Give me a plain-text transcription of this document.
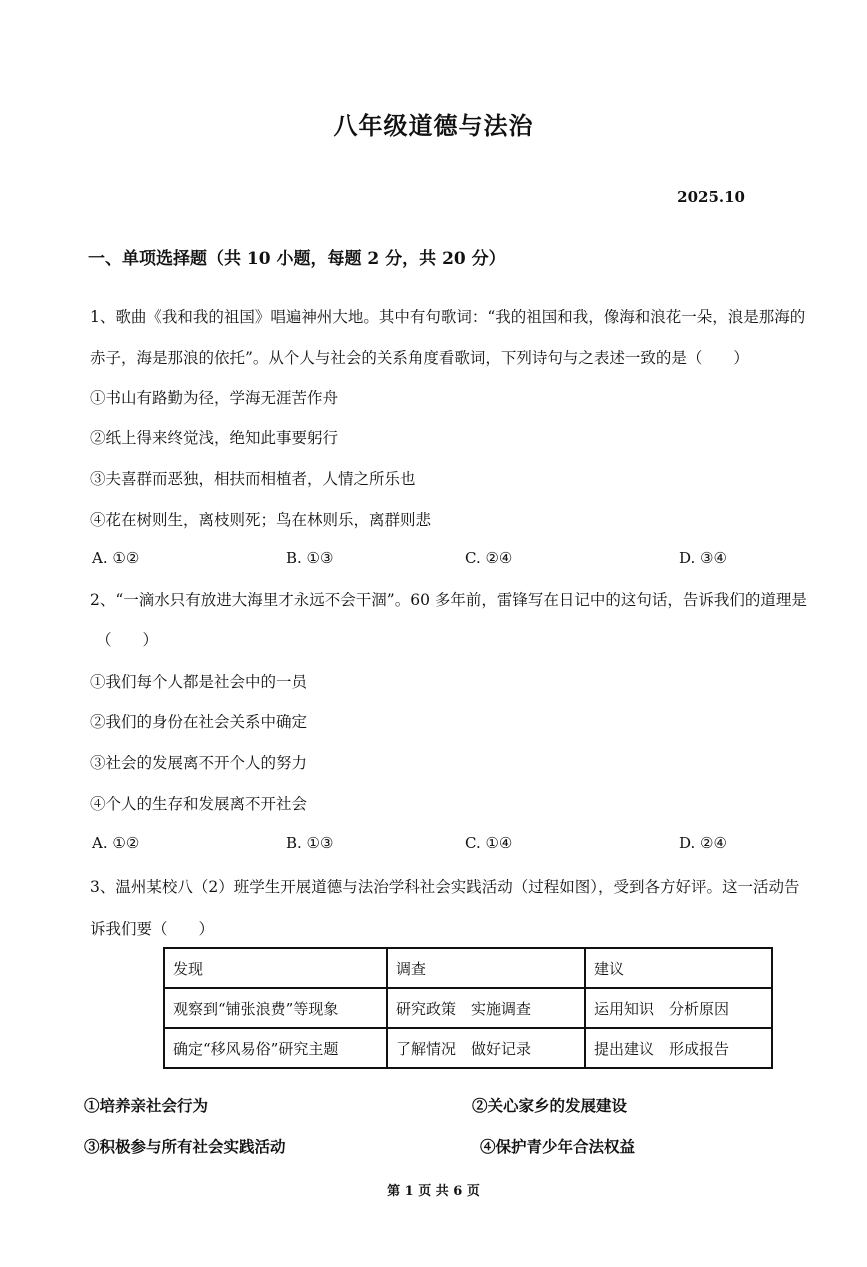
八年级道德与法治
2025.10
一、单项选择题（共 10 小题，每题 2 分，共 20 分）
1、歌曲《我和我的祖国》唱遍神州大地。其中有句歌词：“我的祖国和我，像海和浪花一朵，浪是那海的
赤子，海是那浪的依托”。从个人与社会的关系角度看歌词，下列诗句与之表述一致的是（　　）
①书山有路勤为径，学海无涯苦作舟
②纸上得来终觉浅，绝知此事要躬行
③夫喜群而恶独，相扶而相植者，人情之所乐也
④花在树则生，离枝则死；鸟在林则乐，离群则悲
A. ①②	B. ①③	C. ②④	D. ③④
2、“一滴水只有放进大海里才永远不会干涸”。60 多年前，雷锋写在日记中的这句话，告诉我们的道理是
（　　）
①我们每个人都是社会中的一员
②我们的身份在社会关系中确定
③社会的发展离不开个人的努力
④个人的生存和发展离不开社会
A. ①②	B. ①③	C. ①④	D. ②④
3、温州某校八（2）班学生开展道德与法治学科社会实践活动（过程如图），受到各方好评。这一活动告
诉我们要（　　）
发现	调查	建议
观察到“铺张浪费”等现象	研究政策　实施调查	运用知识　分析原因
确定“移风易俗”研究主题	了解情况　做好记录	提出建议　形成报告
①培养亲社会行为	②关心家乡的发展建设
③积极参与所有社会实践活动	④保护青少年合法权益
第 1 页 共 6 页
